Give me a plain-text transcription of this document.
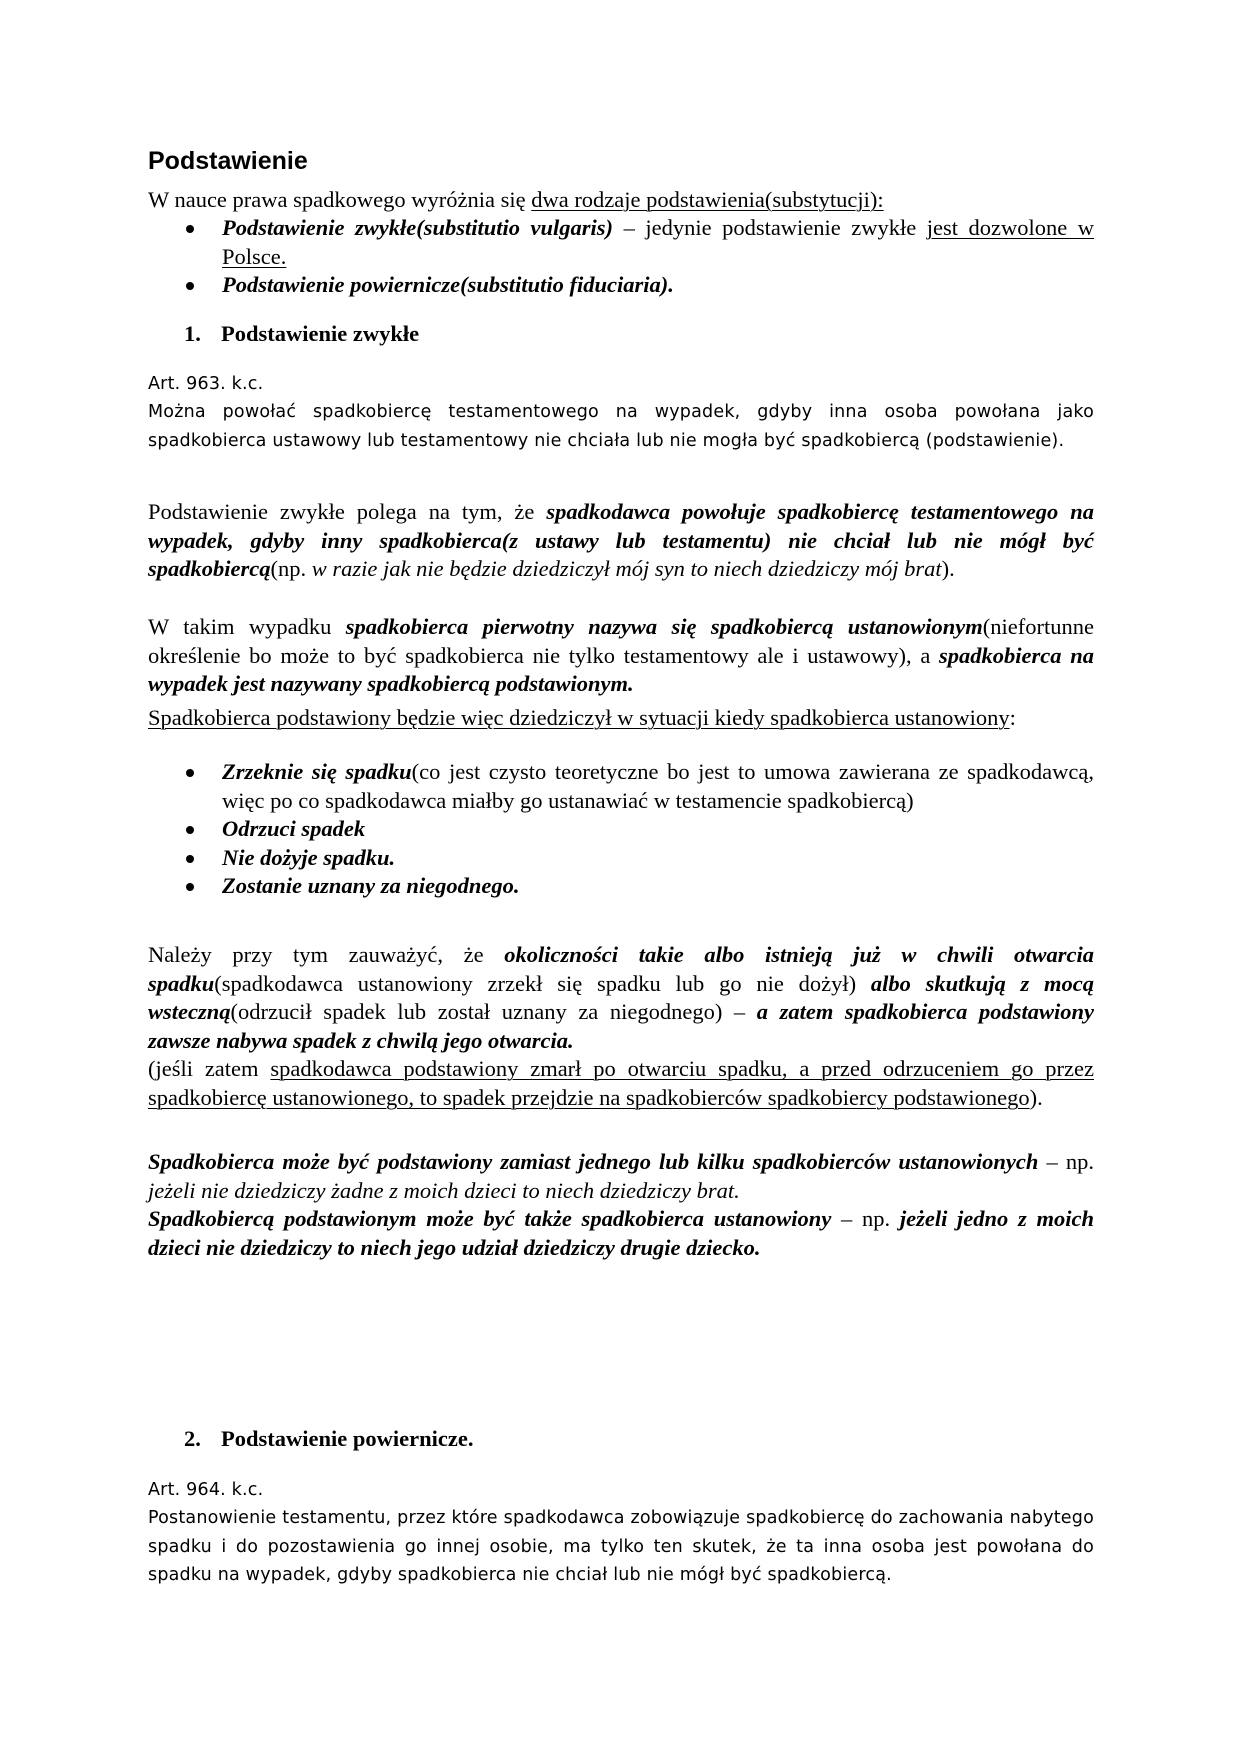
Podstawienie

W nauce prawa spadkowego wyróżnia się dwa rodzaje podstawienia(substytucji):

Podstawienie zwykłe(substitutio vulgaris) – jedynie podstawienie zwykłe jest dozwolone w Polsce.
Podstawienie powiernicze(substitutio fiduciaria).
1. Podstawienie zwykłe

Art. 963. k.c.

Można powołać spadkobiercę testamentowego na wypadek, gdyby inna osoba powołana jako spadkobierca ustawowy lub testamentowy nie chciała lub nie mogła być spadkobiercą (podstawienie).

Podstawienie zwykłe polega na tym, że spadkodawca powołuje spadkobiercę testamentowego na wypadek, gdyby inny spadkobierca(z ustawy lub testamentu) nie chciał lub nie mógł być spadkobiercą(np. w razie jak nie będzie dziedziczył mój syn to niech dziedziczy mój brat).

W takim wypadku spadkobierca pierwotny nazywa się spadkobiercą ustanowionym(niefortunne określenie bo może to być spadkobierca nie tylko testamentowy ale i ustawowy), a spadkobierca na wypadek jest nazywany spadkobiercą podstawionym.

Spadkobierca podstawiony będzie więc dziedziczył w sytuacji kiedy spadkobierca ustanowiony:

Zrzeknie się spadku(co jest czysto teoretyczne bo jest to umowa zawierana ze spadkodawcą, więc po co spadkodawca miałby go ustanawiać w testamencie spadkobiercą)
Odrzuci spadek
Nie dożyje spadku.
Zostanie uznany za niegodnego.

Należy przy tym zauważyć, że okoliczności takie albo istnieją już w chwili otwarcia spadku(spadkodawca ustanowiony zrzekł się spadku lub go nie dożył) albo skutkują z mocą wsteczną(odrzucił spadek lub został uznany za niegodnego) – a zatem spadkobierca podstawiony zawsze nabywa spadek z chwilą jego otwarcia.
(jeśli zatem spadkodawca podstawiony zmarł po otwarciu spadku, a przed odrzuceniem go przez spadkobiercę ustanowionego, to spadek przejdzie na spadkobierców spadkobiercy podstawionego).

Spadkobierca może być podstawiony zamiast jednego lub kilku spadkobierców ustanowionych – np. jeżeli nie dziedziczy żadne z moich dzieci to niech dziedziczy brat.
Spadkobiercą podstawionym może być także spadkobierca ustanowiony – np. jeżeli jedno z moich dzieci nie dziedziczy to niech jego udział dziedziczy drugie dziecko.

2. Podstawienie powiernicze.

Art. 964. k.c.

Postanowienie testamentu, przez które spadkodawca zobowiązuje spadkobiercę do zachowania nabytego spadku i do pozostawienia go innej osobie, ma tylko ten skutek, że ta inna osoba jest powołana do spadku na wypadek, gdyby spadkobierca nie chciał lub nie mógł być spadkobiercą.
